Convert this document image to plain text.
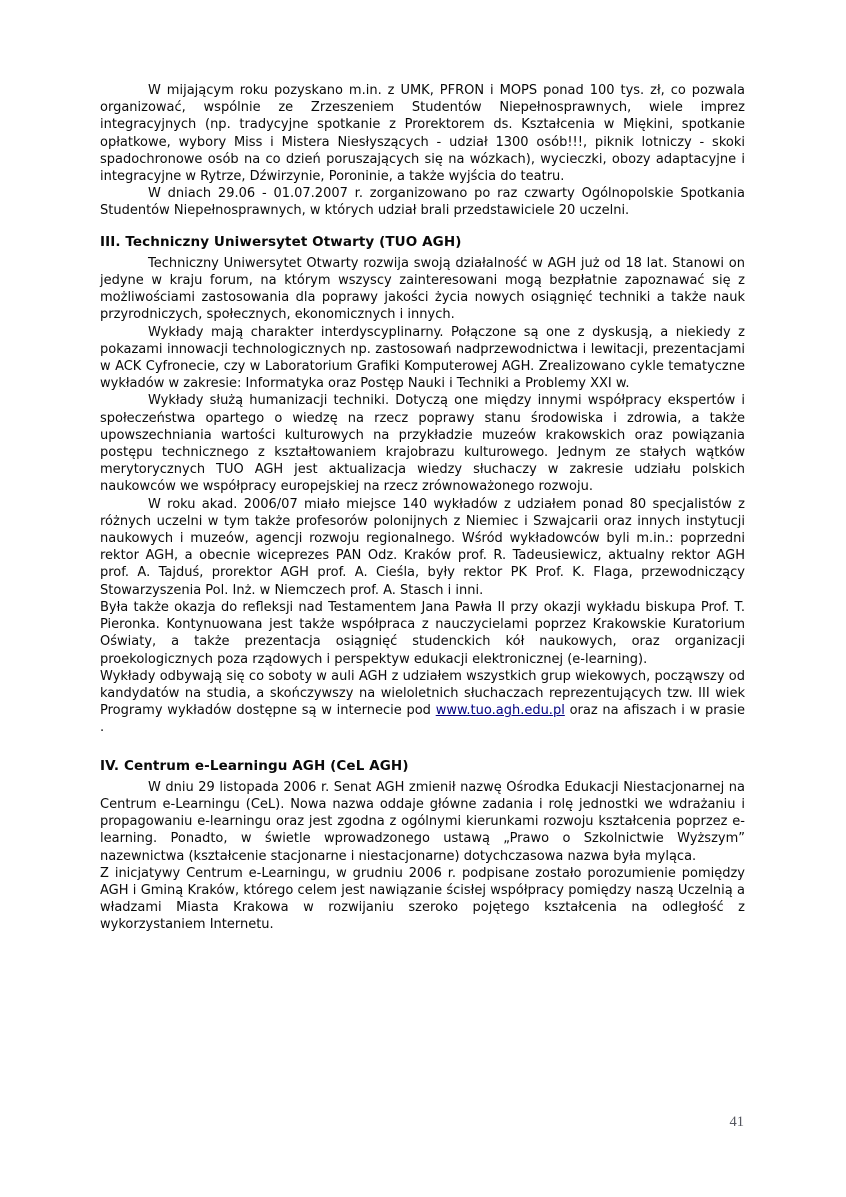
W mijającym roku pozyskano m.in. z UMK, PFRON i MOPS ponad 100 tys. zł, co pozwala organizować, wspólnie ze Zrzeszeniem Studentów Niepełnosprawnych, wiele imprez integracyjnych (np. tradycyjne spotkanie z Prorektorem ds. Kształcenia w Miękini, spotkanie opłatkowe, wybory Miss i Mistera Niesłyszących - udział 1300 osób!!!, piknik lotniczy - skoki spadochronowe osób na co dzień poruszających się na wózkach), wycieczki, obozy adaptacyjne i integracyjne w Rytrze, Dźwirzynie, Poroninie, a także wyjścia do teatru.

W dniach 29.06 - 01.07.2007 r. zorganizowano po raz czwarty Ogólnopolskie Spotkania Studentów Niepełnosprawnych, w których udział brali przedstawiciele 20 uczelni.

III. Techniczny Uniwersytet Otwarty (TUO AGH)

Techniczny Uniwersytet Otwarty rozwija swoją działalność w AGH już od 18 lat. Stanowi on jedyne w kraju forum, na którym wszyscy zainteresowani mogą bezpłatnie zapoznawać się z możliwościami zastosowania dla poprawy jakości życia nowych osiągnięć techniki a także nauk przyrodniczych, społecznych, ekonomicznych i innych.

Wykłady mają charakter interdyscyplinarny. Połączone są one z dyskusją, a niekiedy z pokazami innowacji technologicznych np. zastosowań nadprzewodnictwa i lewitacji, prezentacjami w ACK Cyfronecie, czy w Laboratorium Grafiki Komputerowej AGH. Zrealizowano cykle tematyczne wykładów w zakresie: Informatyka oraz Postęp Nauki i Techniki a Problemy XXI w.

Wykłady służą humanizacji techniki. Dotyczą one między innymi współpracy ekspertów i społeczeństwa opartego o wiedzę na rzecz poprawy stanu środowiska i zdrowia, a także upowszechniania wartości kulturowych na przykładzie muzeów krakowskich oraz powiązania postępu technicznego z kształtowaniem krajobrazu kulturowego. Jednym ze stałych wątków merytorycznych TUO AGH jest aktualizacja wiedzy słuchaczy w zakresie udziału polskich naukowców we współpracy europejskiej na rzecz zrównoważonego rozwoju.

W roku akad. 2006/07 miało miejsce 140 wykładów z udziałem ponad 80 specjalistów z różnych uczelni w tym także profesorów polonijnych z Niemiec i Szwajcarii oraz innych instytucji naukowych i muzeów, agencji rozwoju regionalnego. Wśród wykładowców byli m.in.: poprzedni rektor AGH, a obecnie wiceprezes PAN Odz. Kraków prof. R. Tadeusiewicz, aktualny rektor AGH prof. A. Tajduś, prorektor AGH prof. A. Cieśla, były rektor PK Prof. K. Flaga, przewodniczący Stowarzyszenia Pol. Inż. w Niemczech prof. A. Stasch i inni.

Była także okazja do refleksji nad Testamentem Jana Pawła II przy okazji wykładu biskupa Prof. T. Pieronka. Kontynuowana jest także współpraca z nauczycielami poprzez Krakowskie Kuratorium Oświaty, a także prezentacja osiągnięć studenckich kół naukowych, oraz organizacji proekologicznych poza rządowych i perspektyw edukacji elektronicznej (e-learning).

Wykłady odbywają się co soboty w auli AGH z udziałem wszystkich grup wiekowych, począwszy od kandydatów na studia, a skończywszy na wieloletnich słuchaczach reprezentujących tzw. III wiek Programy wykładów dostępne są w internecie pod www.tuo.agh.edu.pl oraz na afiszach i w prasie .

IV. Centrum e-Learningu AGH (CeL AGH)

W dniu 29 listopada 2006 r. Senat AGH zmienił nazwę Ośrodka Edukacji Niestacjonarnej na Centrum e-Learningu (CeL). Nowa nazwa oddaje główne zadania i rolę jednostki we wdrażaniu i propagowaniu e-learningu oraz jest zgodna z ogólnymi kierunkami rozwoju kształcenia poprzez e-learning. Ponadto, w świetle wprowadzonego ustawą „Prawo o Szkolnictwie Wyższym” nazewnictwa (kształcenie stacjonarne i niestacjonarne) dotychczasowa nazwa była myląca.

Z inicjatywy Centrum e-Learningu, w grudniu 2006 r. podpisane zostało porozumienie pomiędzy AGH i Gminą Kraków, którego celem jest nawiązanie ścisłej współpracy pomiędzy naszą Uczelnią a władzami Miasta Krakowa w rozwijaniu szeroko pojętego kształcenia na odległość z wykorzystaniem Internetu.

41
